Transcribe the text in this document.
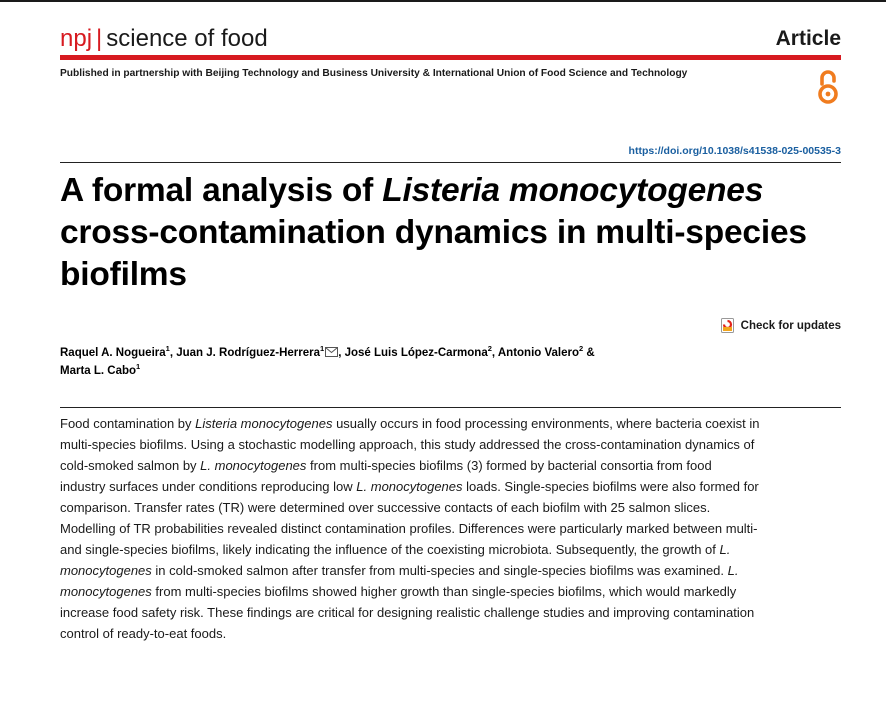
npj | science of food	Article
Published in partnership with Beijing Technology and Business University & International Union of Food Science and Technology
https://doi.org/10.1038/s41538-025-00535-3
A formal analysis of Listeria monocytogenes cross-contamination dynamics in multi-species biofilms
Check for updates
Raquel A. Nogueira$^1$, Juan J. Rodríguez-Herrera$^1$ , José Luis López-Carmona$^2$, Antonio Valero$^2$ &
Marta L. Cabo$^1$

Food contamination by Listeria monocytogenes usually occurs in food processing environments, where bacteria coexist in multi-species biofilms. Using a stochastic modelling approach, this study addressed the cross-contamination dynamics of cold-smoked salmon by L. monocytogenes from multi-species biofilms (3) formed by bacterial consortia from food industry surfaces under conditions reproducing low L. monocytogenes loads. Single-species biofilms were also formed for comparison. Transfer rates (TR) were determined over successive contacts of each biofilm with 25 salmon slices. Modelling of TR probabilities revealed distinct contamination profiles. Differences were particularly marked between multi- and single-species biofilms, likely indicating the influence of the coexisting microbiota. Subsequently, the growth of L. monocytogenes in cold-smoked salmon after transfer from multi-species and single-species biofilms was examined. L. monocytogenes from multi-species biofilms showed higher growth than single-species biofilms, which would markedly increase food safety risk. These findings are critical for designing realistic challenge studies and improving contamination control of ready-to-eat foods.
